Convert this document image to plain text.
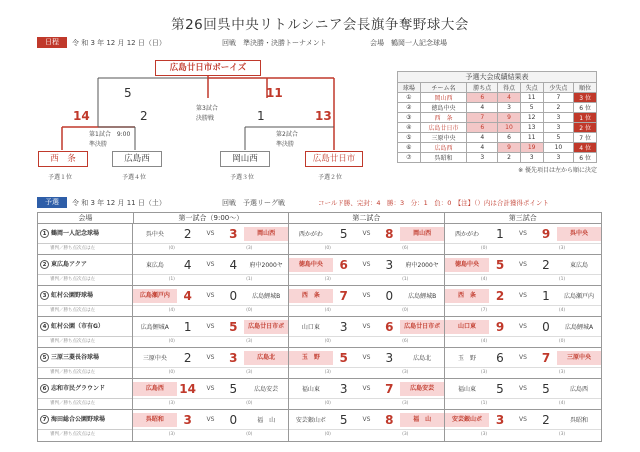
第26回呉中央リトルシニア会長旗争奪野球大会
日程	令 和 3 年 12 月 12 日（日）	回戦　準決勝・決勝トーナメント	会場　鶴岡一人記念球場
広島廿日市ボーイズ
5	11
第3試合
決勝戦
14	2
第1試合　9:00
準決勝
1	13
第2試合
準決勝
西　条
予選１位
広島西
予選４位
岡山西
予選３位
広島廿日市
予選２位
予選大会成績結果表
球場	チーム名	勝ち点	得点	失点	少失点	順位
①	岡山西	6	4	11	7	3 位
②	徳島中央	4	3	5	2	6 位
③	西　条	7	9	12	3	1 位
④	広島廿日市	6	10	13	3	2 位
⑤	三原中央	4	6	11	5	7 位
⑥	広島西	4	9	19	10	4 位
⑦	呉昭和	3	2	3	3	6 位
※ 優先項目は左から順に決定
予選	令 和 3 年 12 月 11 日（土）	回戦　予選リーグ戦	コールド勝、完封：4　勝：3　分：1　負：0　【注】（）内は合計獲得ポイント
会場	第一試合（9:00～）	第二試合	第三試合
1 鶴岡一人記念球場
審判／勝ち点次点は左
呉中央	2	VS	3	岡山西
(0)	(3)
西かがわ	5	VS	8	岡山西
(0)	(6)
西かがわ	1	VS	9	呉中央
(0)	(3)
2 東広島アクア
審判／勝ち点次点は左
東広島	4	VS	4	府中2000ヤ
(1)	(1)
徳島中央	6	VS	3	府中2000ヤ
(3)	(1)
徳島中央	5	VS	2	東広島
(4)	(1)
3 虹村公園野球場
審判／勝ち点次点は左
広島瀬戸内	4	VS	0	広島鯉城B
(4)	(0)
西　条	7	VS	0	広島鯉城B
(4)	(0)
西　条	2	VS	1	広島瀬戸内
(7)	(4)
4 虹村公園（市有G）
審判／勝ち点次点は左
広島鯉城A	1	VS	5	広島廿日市ボ
(0)	(3)
山口東	3	VS	6	広島廿日市ボ
(0)	(6)
山口東	9	VS	0	広島鯉城A
(4)	(0)
5 三原三菱長谷球場
審判／勝ち点次点は左
三原中央	2	VS	3	広島北
(0)	(3)
玉　野	5	VS	3	広島北
(3)	(3)
玉　野	6	VS	7	三原中央
(3)	(3)
6 志和市民グラウンド
審判／勝ち点次点は左
広島西	14	VS	5	広島安芸
(3)	(0)
福山東	3	VS	7	広島安芸
(0)	(3)
福山東	5	VS	5	広島西
(1)	(4)
7 海田総合公園野球場
審判／勝ち点次点は左
呉昭和	3	VS	0	福　山
(3)	(0)
安芸銀山ボ	5	VS	8	福　山
(0)	(3)
安芸銀山ボ	3	VS	2	呉昭和
(3)	(3)
